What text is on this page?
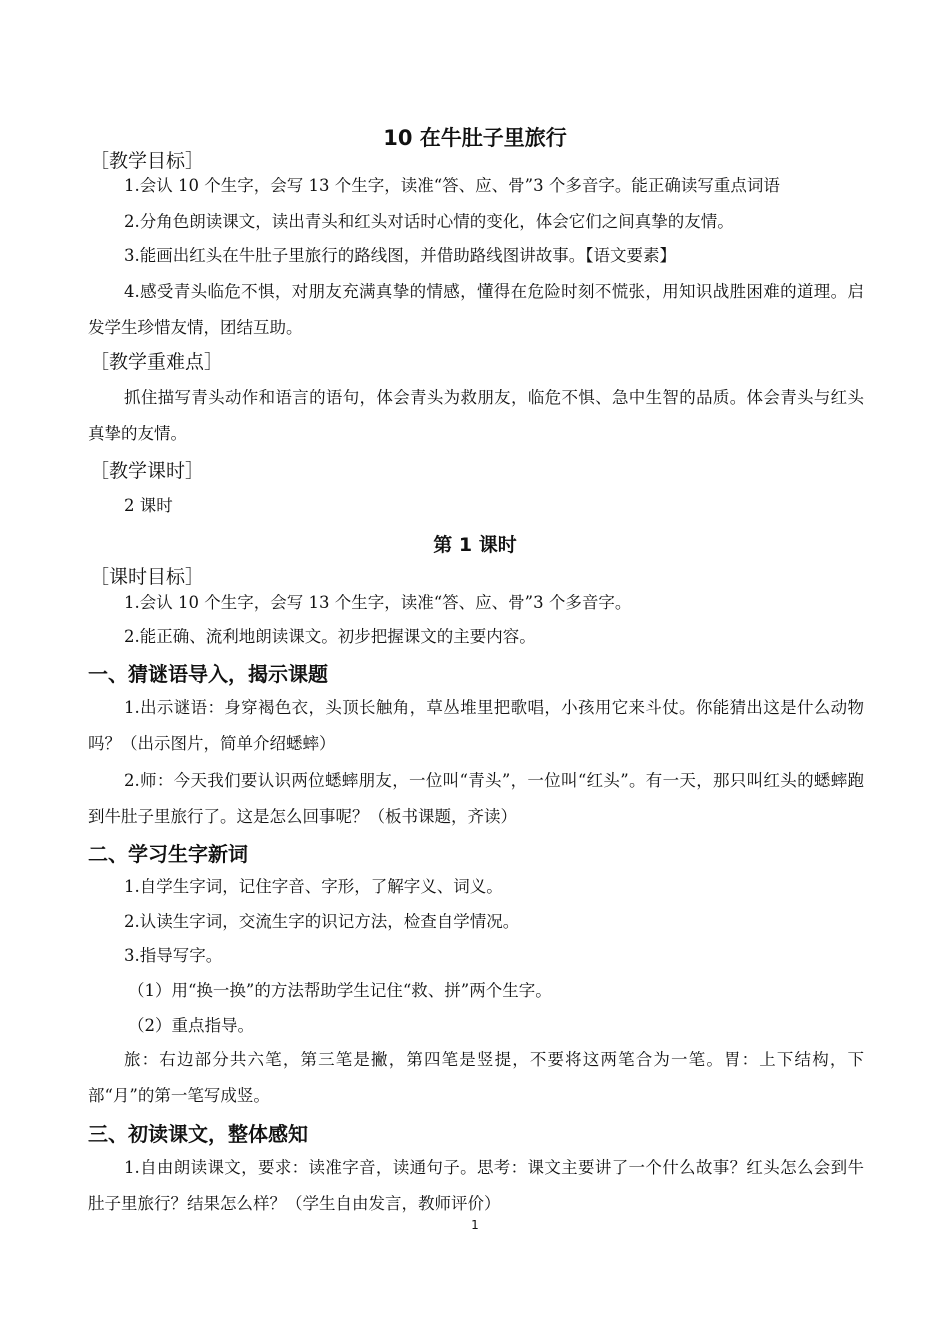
10 在牛肚子里旅行
［教学目标］
1.会认 10 个生字，会写 13 个生字，读准“答、应、骨”3 个多音字。能正确读写重点词语
2.分角色朗读课文，读出青头和红头对话时心情的变化，体会它们之间真挚的友情。
3.能画出红头在牛肚子里旅行的路线图，并借助路线图讲故事。【语文要素】
4.感受青头临危不惧，对朋友充满真挚的情感，懂得在危险时刻不慌张，用知识战胜困难的道理。启发学生珍惜友情，团结互助。
［教学重难点］
抓住描写青头动作和语言的语句，体会青头为救朋友，临危不惧、急中生智的品质。体会青头与红头真挚的友情。
［教学课时］
2 课时
第 1 课时
［课时目标］
1.会认 10 个生字，会写 13 个生字，读准“答、应、骨”3 个多音字。
2.能正确、流利地朗读课文。初步把握课文的主要内容。
一、猜谜语导入，揭示课题
1.出示谜语：身穿褐色衣，头顶长触角，草丛堆里把歌唱，小孩用它来斗仗。你能猜出这是什么动物吗？（出示图片，简单介绍蟋蟀）
2.师：今天我们要认识两位蟋蟀朋友，一位叫“青头”，一位叫“红头”。有一天，那只叫红头的蟋蟀跑到牛肚子里旅行了。这是怎么回事呢？（板书课题，齐读）
二、学习生字新词
1.自学生字词，记住字音、字形，了解字义、词义。
2.认读生字词，交流生字的识记方法，检查自学情况。
3.指导写字。
（1）用“换一换”的方法帮助学生记住“救、拼”两个生字。
（2）重点指导。
旅：右边部分共六笔，第三笔是撇，第四笔是竖提，不要将这两笔合为一笔。胃：上下结构，下部“月”的第一笔写成竖。
三、初读课文，整体感知
1.自由朗读课文，要求：读准字音，读通句子。思考：课文主要讲了一个什么故事？红头怎么会到牛肚子里旅行？结果怎么样？（学生自由发言，教师评价）
1
